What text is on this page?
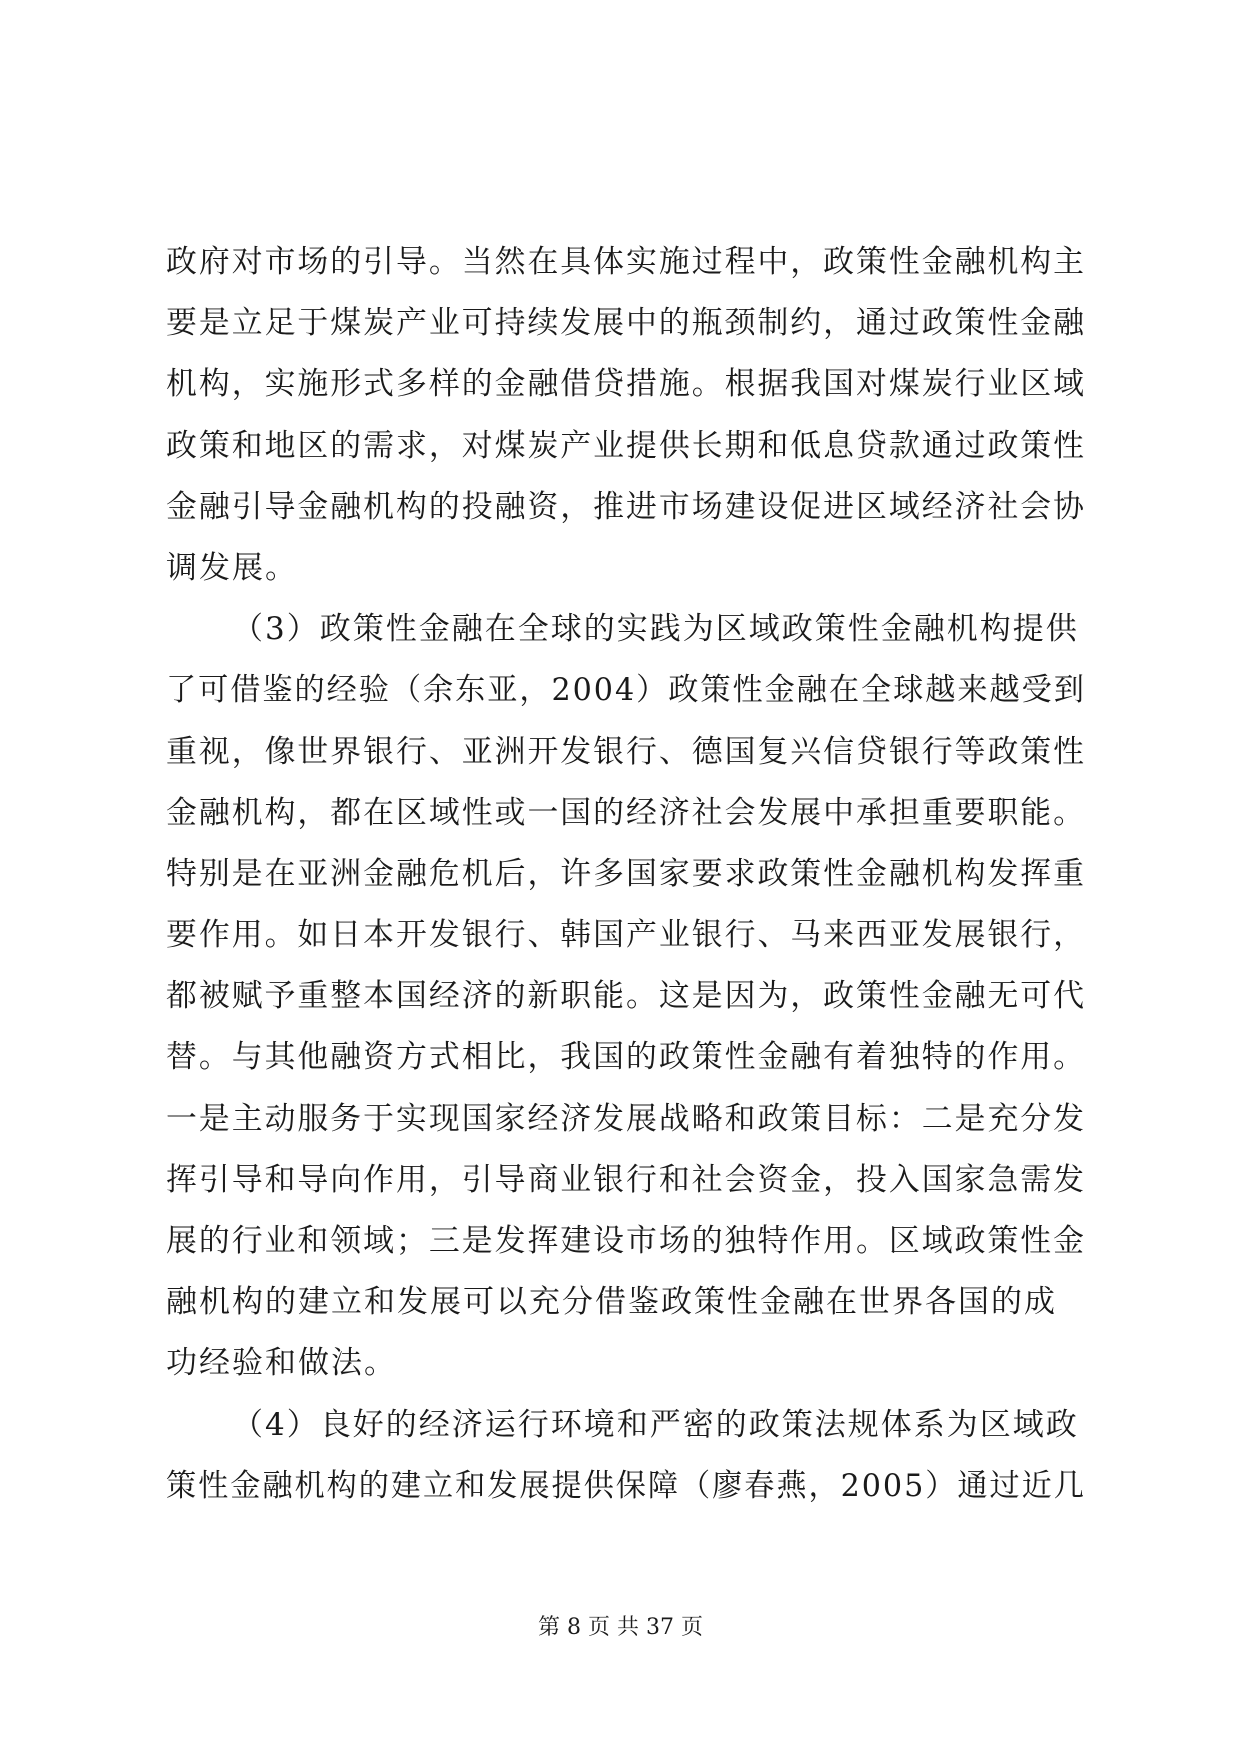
政府对市场的引导。当然在具体实施过程中，政策性金融机构主
要是立足于煤炭产业可持续发展中的瓶颈制约，通过政策性金融
机构，实施形式多样的金融借贷措施。根据我国对煤炭行业区域
政策和地区的需求，对煤炭产业提供长期和低息贷款通过政策性
金融引导金融机构的投融资，推进市场建设促进区域经济社会协
调发展。
（3）政策性金融在全球的实践为区域政策性金融机构提供
了可借鉴的经验（余东亚，2004）政策性金融在全球越来越受到
重视，像世界银行、亚洲开发银行、德国复兴信贷银行等政策性
金融机构，都在区域性或一国的经济社会发展中承担重要职能。
特别是在亚洲金融危机后，许多国家要求政策性金融机构发挥重
要作用。如日本开发银行、韩国产业银行、马来西亚发展银行，
都被赋予重整本国经济的新职能。这是因为，政策性金融无可代
替。与其他融资方式相比，我国的政策性金融有着独特的作用。
一是主动服务于实现国家经济发展战略和政策目标：二是充分发
挥引导和导向作用，引导商业银行和社会资金，投入国家急需发
展的行业和领域；三是发挥建设市场的独特作用。区域政策性金
融机构的建立和发展可以充分借鉴政策性金融在世界各国的成
功经验和做法。
（4）良好的经济运行环境和严密的政策法规体系为区域政
策性金融机构的建立和发展提供保障（廖春燕，2005）通过近几
第 8 页 共 37 页
